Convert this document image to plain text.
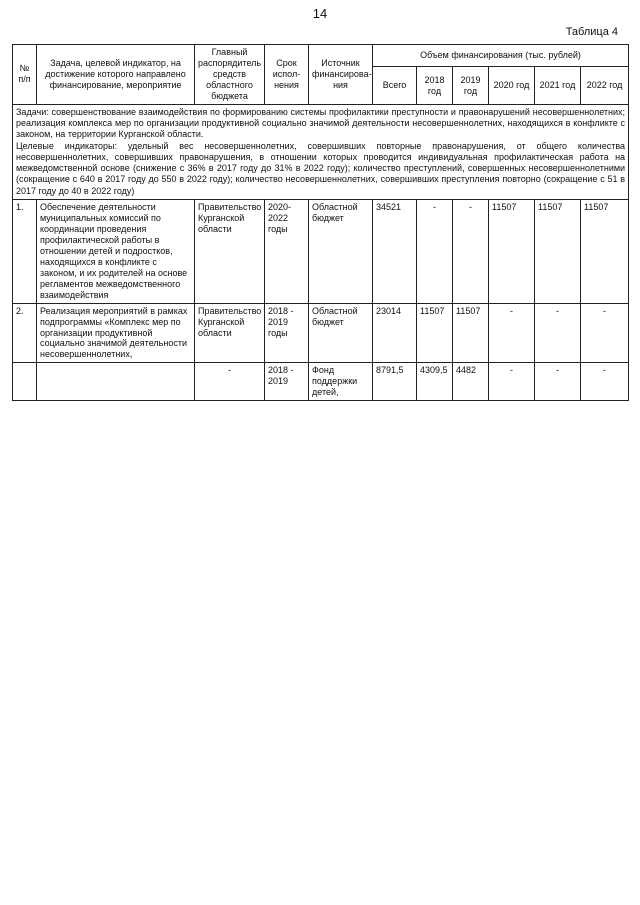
14
Таблица 4
№ п/п	Задача, целевой индикатор, на достижение которого направлено финансирование, мероприятие	Главный распорядитель средств областного бюджета	Срок испол-нения	Источник финансирова-ния	Объем финансирования (тыс. рублей)					
					Всего	2018 год	2019 год	2020 год	2021 год	2022 год

Задачи: совершенствование взаимодействия по формированию системы профилактики преступности и правонарушений несовершеннолетних; реализация комплекса мер по организации продуктивной социально значимой деятельности несовершеннолетних, находящихся в конфликте с законом, на территории Курганской области.
Целевые индикаторы: удельный вес несовершеннолетних, совершивших повторные правонарушения, от общего количества несовершеннолетних, совершивших правонарушения, в отношении которых проводится индивидуальная профилактическая работа на межведомственной основе (снижение с 36% в 2017 году до 31% в 2022 году); количество преступлений, совершенных несовершеннолетними (сокращение с 640 в 2017 году до 550 в 2022 году); количество несовершеннолетних, совершивших преступления повторно (сокращение с 51 в 2017 году до 40 в 2022 году)										

1.	Обеспечение деятельности муниципальных комиссий по координации проведения профилактической работы в отношении детей и подростков, находящихся в конфликте с законом, и их родителей на основе регламентов межведомственного взаимодействия	Правительство Курганской области	2020-2022 годы	Областной бюджет	34521	-	-	11507	11507	11507
2.	Реализация мероприятий в рамках подпрограммы «Комплекс мер по организации продуктивной социально значимой деятельности несовершеннолетних,	Правительство Курганской области	2018 - 2019 годы	Областной бюджет	23014	11507	11507	-	-	-
		-	2018 - 2019	Фонд поддержки детей,	8791,5	4309,5	4482	-	-	-
